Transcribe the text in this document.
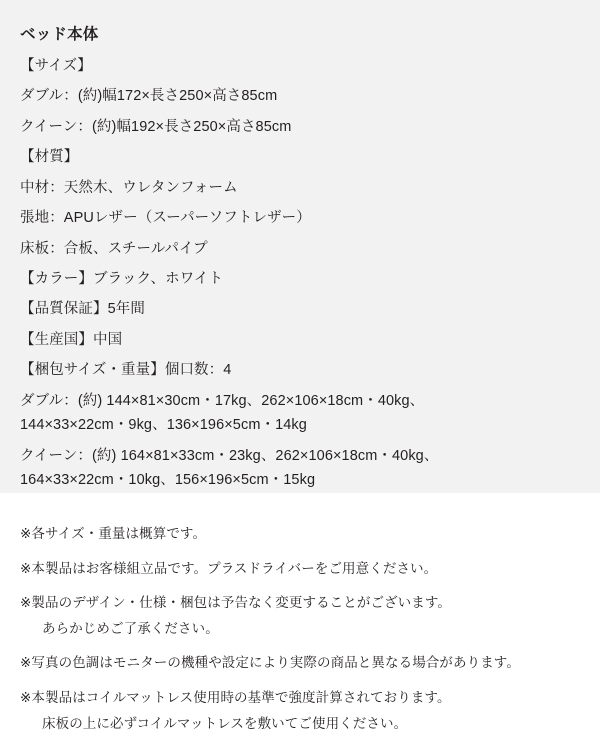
ベッド本体

【サイズ】

ダブル：(約)幅172×長さ250×高さ85cm

クイーン：(約)幅192×長さ250×高さ85cm

【材質】

中材：天然木、ウレタンフォーム

張地：APUレザー（スーパーソフトレザー）

床板：合板、スチールパイプ

【カラー】ブラック、ホワイト

【品質保証】5年間

【生産国】中国

【梱包サイズ・重量】個口数：4

ダブル：(約) 144×81×30cm・17kg、262×106×18cm・40kg、

144×33×22cm・9kg、136×196×5cm・14kg

クイーン：(約) 164×81×33cm・23kg、262×106×18cm・40kg、

164×33×22cm・10kg、156×196×5cm・15kg

※各サイズ・重量は概算です。

※本製品はお客様組立品です。プラスドライバーをご用意ください。

※製品のデザイン・仕様・梱包は予告なく変更することがございます。

あらかじめご了承ください。

※写真の色調はモニターの機種や設定により実際の商品と異なる場合があります。

※本製品はコイルマットレス使用時の基準で強度計算されております。

床板の上に必ずコイルマットレスを敷いてご使用ください。
